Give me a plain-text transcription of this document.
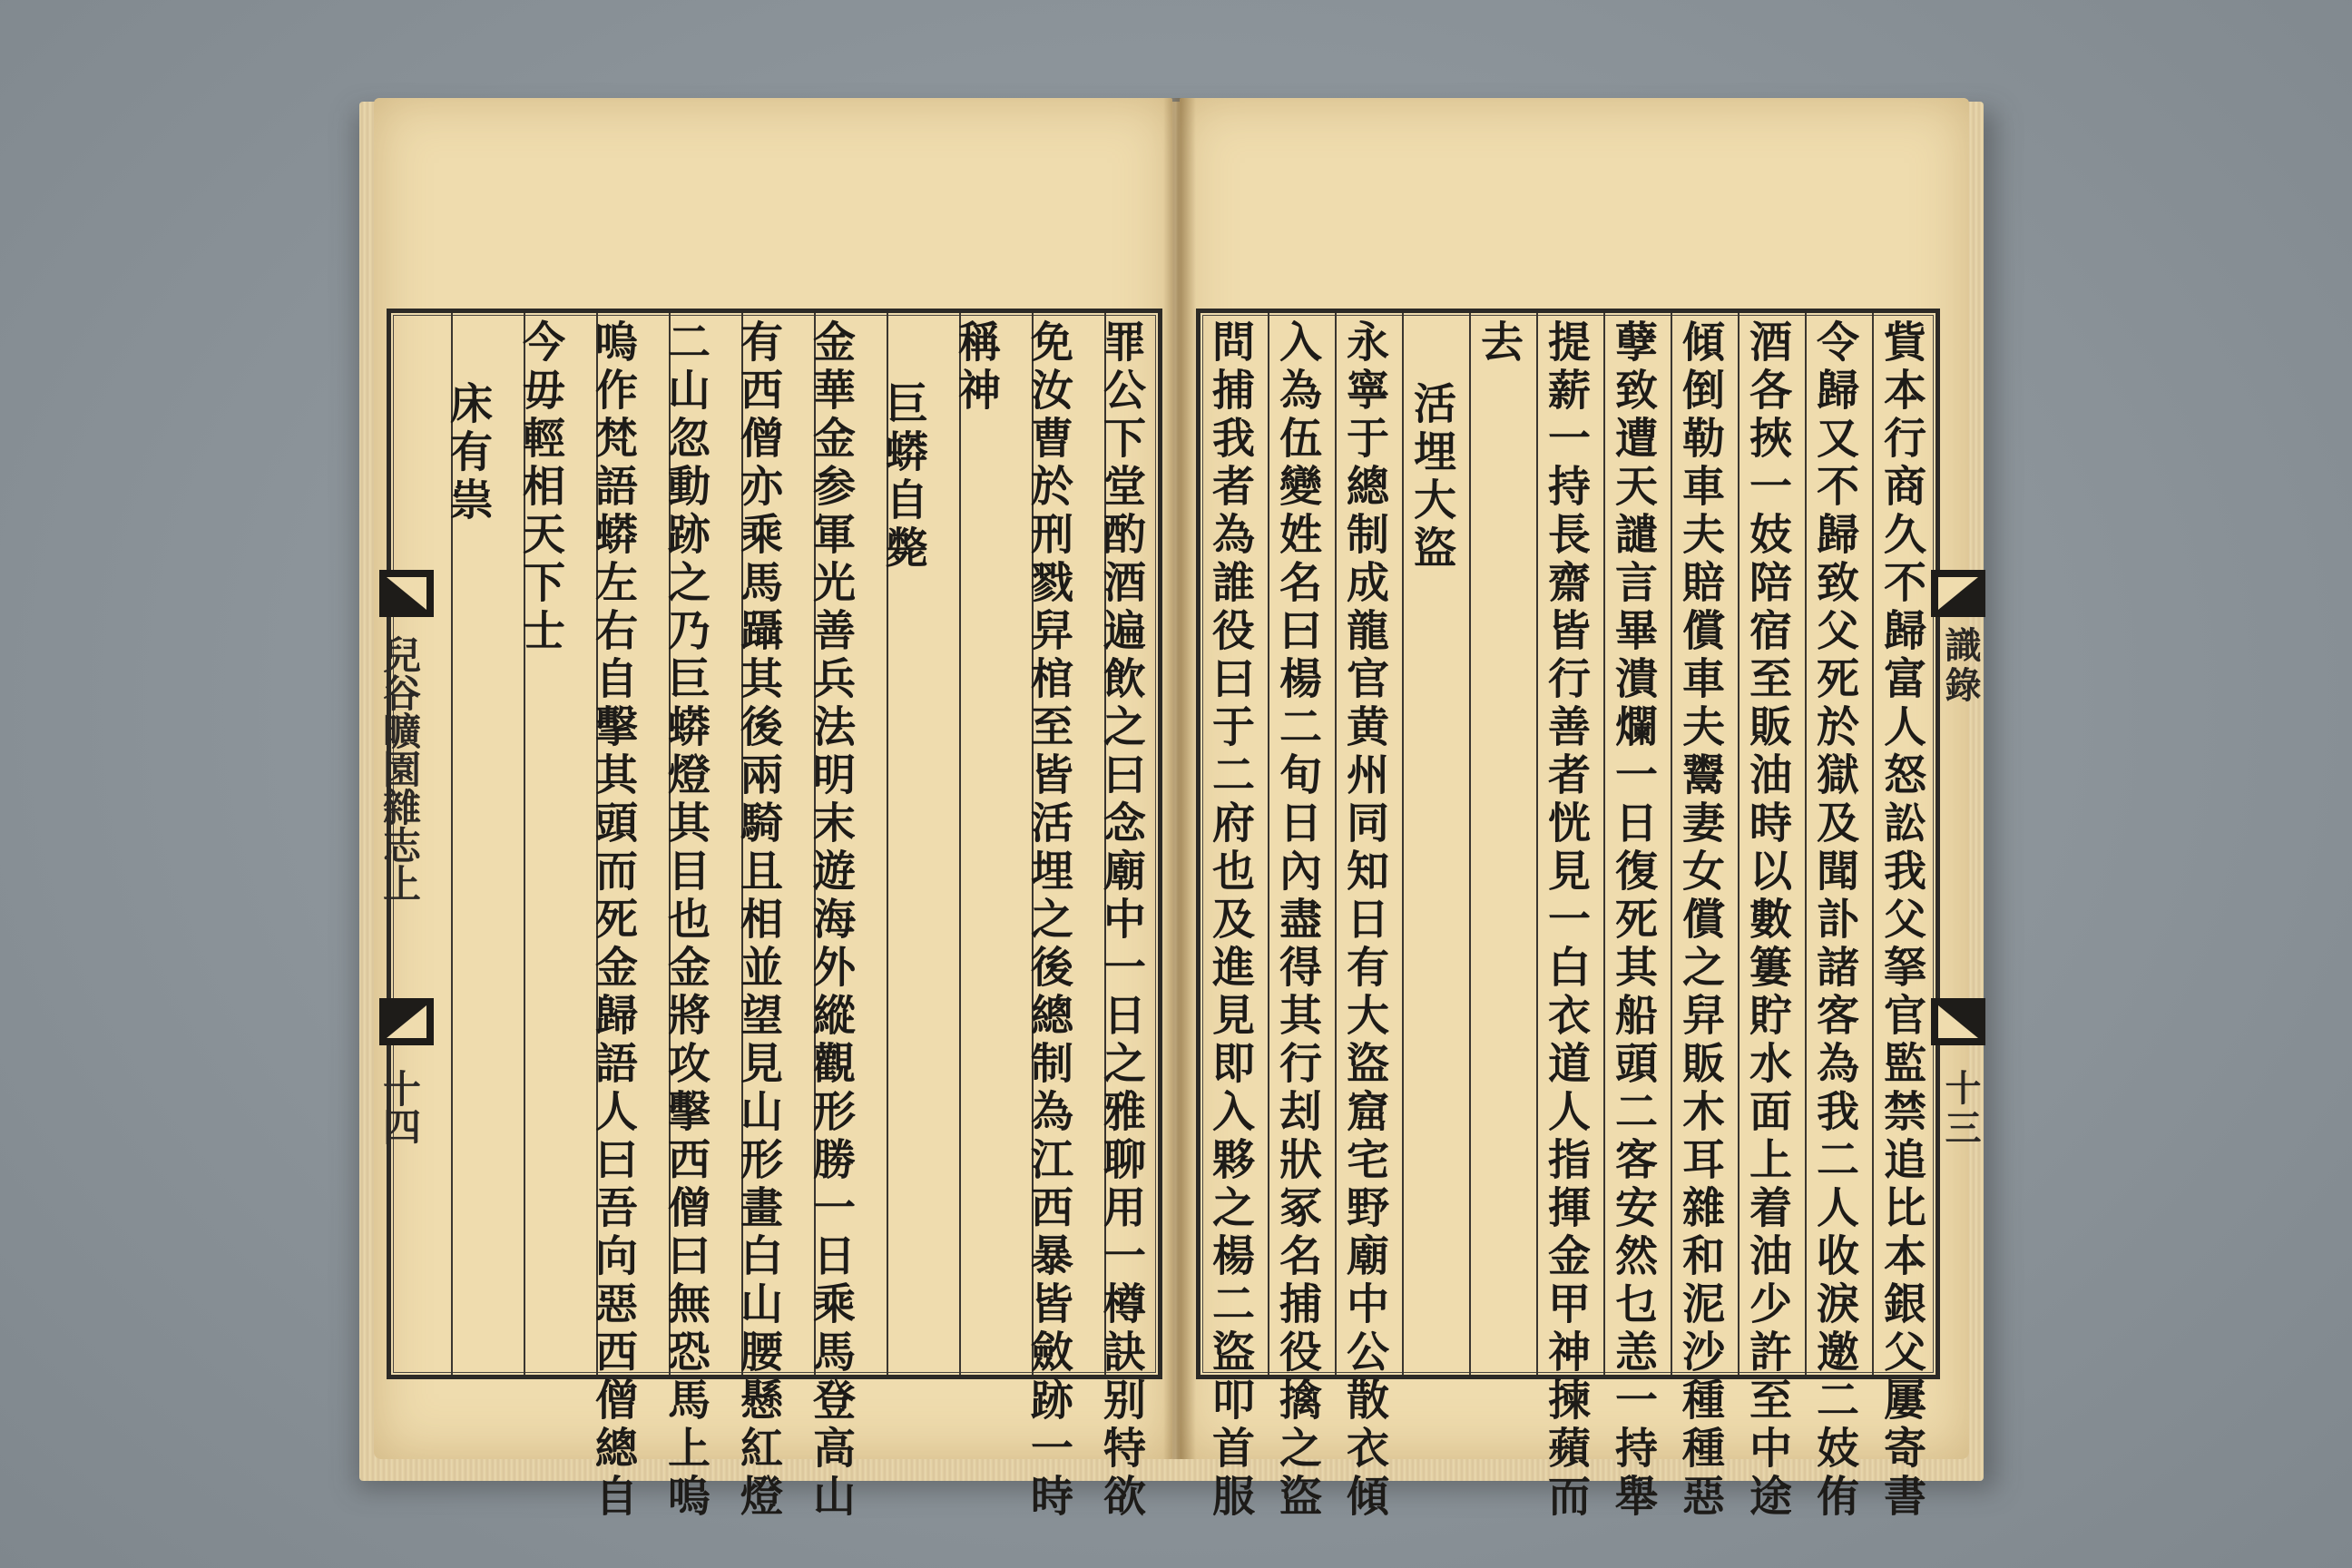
罪公下堂酌酒遍飲之曰念廟中一日之雅聊用一樽訣别特欲
免汝曹於刑戮舁棺至皆活埋之後總制為江西暴皆斂跡一時
稱神
巨蟒自斃
金華金参軍光善兵法明末遊海外縱觀形勝一日乘馬登高山
有西僧亦乘馬躡其後兩騎且相並望見山形畫白山腰懸紅燈
二山忽動跡之乃巨蟒燈其目也金將攻擊西僧曰無恐馬上嗚
嗚作梵語蟒左右自擊其頭而死金歸語人曰吾向惡西僧總自
今毋輕相天下士
床有祟
兒谷曠園雜志上
十四	貲本行商久不歸富人怒訟我父拏官監禁追比本銀父屢寄書
令歸又不歸致父死於獄及聞訃諸客為我二人收淚邀二妓侑
酒各挾一妓陪宿至販油時以數簍貯水面上着油少許至中途
傾倒勒車夫賠償車夫鬻妻女償之舁販木耳雜和泥沙種種惡
孽致遭天譴言畢潰爛一日復死其船頭二客安然乜恙一持舉
提薪一持長齋皆行善者恍見一白衣道人指揮金甲神揀蘋而
去
活埋大盜
永寧于總制成龍官黄州同知日有大盜窟宅野廟中公散衣傾
入為伍變姓名曰楊二旬日內盡得其行刦狀冢名捕役擒之盜
問捕我者為誰役曰于二府也及進見即入夥之楊二盜叩首服	識錄
十三
